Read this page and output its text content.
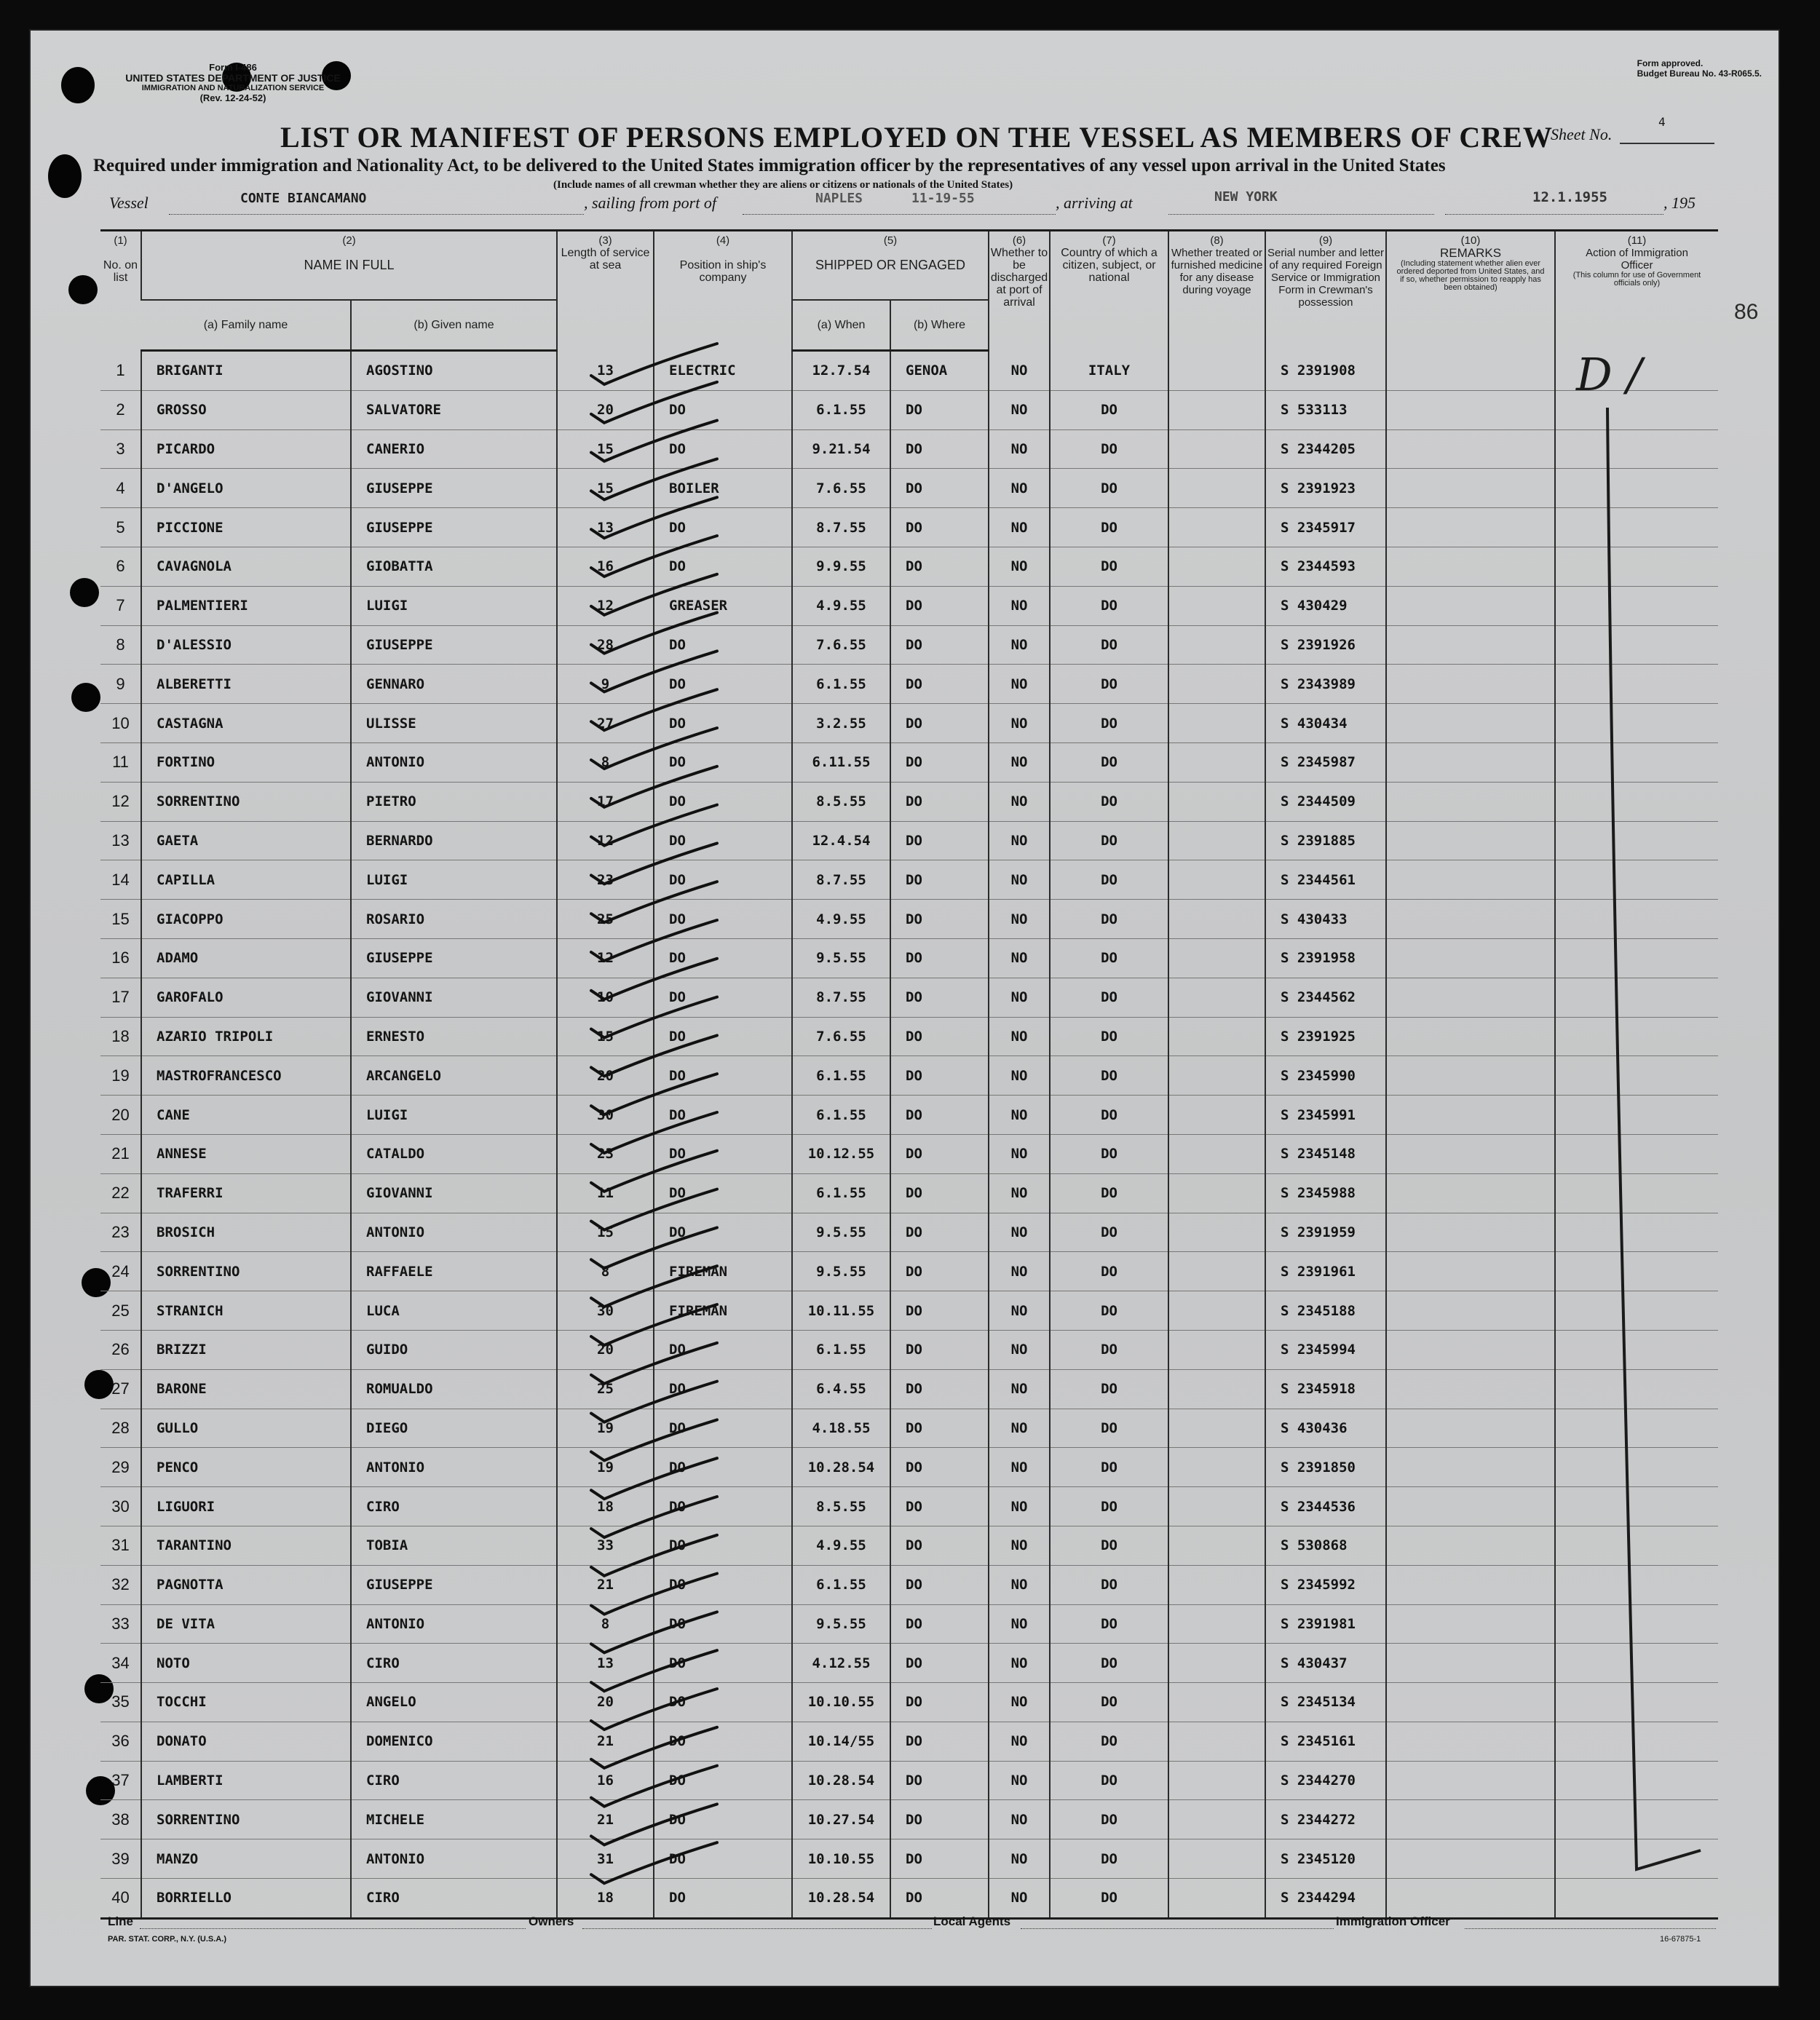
Form I-486
UNITED STATES DEPARTMENT OF JUSTICE
IMMIGRATION AND NATURALIZATION SERVICE
(Rev. 12-24-52)
Form approved.
Budget Bureau No. 43-R065.5.
LIST OR MANIFEST OF PERSONS EMPLOYED ON THE VESSEL AS MEMBERS OF CREW
Sheet No.
4
Required under immigration and Nationality Act, to be delivered to the United States immigration officer by the representatives of any vessel upon arrival in the United States
(Include names of all crewman whether they are aliens or citizens or nationals of the United States)
Vessel	CONTE BIANCAMANO	, sailing from port of	NAPLES	11-19-55	, arriving at	NEW YORK	12.1.1955	, 195
(1)

No. on list	(2)

NAME IN FULL		(3)
Length of service at sea	(4)

Position in ship's company	(5)

SHIPPED OR ENGAGED		(6)
Whether to be discharged at port of arrival	(7)
Country of which a citizen, subject, or national	(8)
Whether treated or furnished medicine for any disease during voyage	(9)
Serial number and letter of any required Foreign Service or Immigration Form in Crewman's possession	(10)
REMARKS

(Including statement whether alien ever ordered deported from United States, and if so, whether permission to reapply has been obtained)	(11)
Action of Immigration Officer
(This column for use of Government officials only)

	(a) Family name	(b) Given name			(a) When	(b) Where						
1	BRIGANTI	AGOSTINO	13	ELECTRIC	12.7.54	GENOA	NO	ITALY		S 2391908		
2	GROSSO	SALVATORE	20	DO	6.1.55	DO	NO	DO		S 533113		
3	PICARDO	CANERIO	15	DO	9.21.54	DO	NO	DO		S 2344205		
4	D'ANGELO	GIUSEPPE	15	BOILER	7.6.55	DO	NO	DO		S 2391923		
5	PICCIONE	GIUSEPPE	13	DO	8.7.55	DO	NO	DO		S 2345917		
6	CAVAGNOLA	GIOBATTA	16	DO	9.9.55	DO	NO	DO		S 2344593		
7	PALMENTIERI	LUIGI	12	GREASER	4.9.55	DO	NO	DO		S 430429		
8	D'ALESSIO	GIUSEPPE	28	DO	7.6.55	DO	NO	DO		S 2391926		
9	ALBERETTI	GENNARO	9	DO	6.1.55	DO	NO	DO		S 2343989		
10	CASTAGNA	ULISSE	27	DO	3.2.55	DO	NO	DO		S 430434		
11	FORTINO	ANTONIO	8	DO	6.11.55	DO	NO	DO		S 2345987		
12	SORRENTINO	PIETRO	17	DO	8.5.55	DO	NO	DO		S 2344509		
13	GAETA	BERNARDO	12	DO	12.4.54	DO	NO	DO		S 2391885		
14	CAPILLA	LUIGI	23	DO	8.7.55	DO	NO	DO		S 2344561		
15	GIACOPPO	ROSARIO	25	DO	4.9.55	DO	NO	DO		S 430433		
16	ADAMO	GIUSEPPE	12	DO	9.5.55	DO	NO	DO		S 2391958		
17	GAROFALO	GIOVANNI	10	DO	8.7.55	DO	NO	DO		S 2344562		
18	AZARIO TRIPOLI	ERNESTO	15	DO	7.6.55	DO	NO	DO		S 2391925		
19	MASTROFRANCESCO	ARCANGELO	20	DO	6.1.55	DO	NO	DO		S 2345990		
20	CANE	LUIGI	30	DO	6.1.55	DO	NO	DO		S 2345991		
21	ANNESE	CATALDO	23	DO	10.12.55	DO	NO	DO		S 2345148		
22	TRAFERRI	GIOVANNI	11	DO	6.1.55	DO	NO	DO		S 2345988		
23	BROSICH	ANTONIO	15	DO	9.5.55	DO	NO	DO		S 2391959		
24	SORRENTINO	RAFFAELE	8	FIREMAN	9.5.55	DO	NO	DO		S 2391961		
25	STRANICH	LUCA	30	FIREMAN	10.11.55	DO	NO	DO		S 2345188		
26	BRIZZI	GUIDO	20	DO	6.1.55	DO	NO	DO		S 2345994		
27	BARONE	ROMUALDO	25	DO	6.4.55	DO	NO	DO		S 2345918		
28	GULLO	DIEGO	19	DO	4.18.55	DO	NO	DO		S 430436		
29	PENCO	ANTONIO	19	DO	10.28.54	DO	NO	DO		S 2391850		
30	LIGUORI	CIRO	18	DO	8.5.55	DO	NO	DO		S 2344536		
31	TARANTINO	TOBIA	33	DO	4.9.55	DO	NO	DO		S 530868		
32	PAGNOTTA	GIUSEPPE	21	DO	6.1.55	DO	NO	DO		S 2345992		
33	DE VITA	ANTONIO	8	DO	9.5.55	DO	NO	DO		S 2391981		
34	NOTO	CIRO	13	DO	4.12.55	DO	NO	DO		S 430437		
35	TOCCHI	ANGELO	20	DO	10.10.55	DO	NO	DO		S 2345134		
36	DONATO	DOMENICO	21	DO	10.14/55	DO	NO	DO		S 2345161		
37	LAMBERTI	CIRO	16	DO	10.28.54	DO	NO	DO		S 2344270		
38	SORRENTINO	MICHELE	21	DO	10.27.54	DO	NO	DO		S 2344272		
39	MANZO	ANTONIO	31	DO	10.10.55	DO	NO	DO		S 2345120		
40	BORRIELLO	CIRO	18	DO	10.28.54	DO	NO	DO		S 2344294		
86
D /
Line	Owners	Local Agents	Immigration Officer
PAR. STAT. CORP., N.Y. (U.S.A.)	16-67875-1
